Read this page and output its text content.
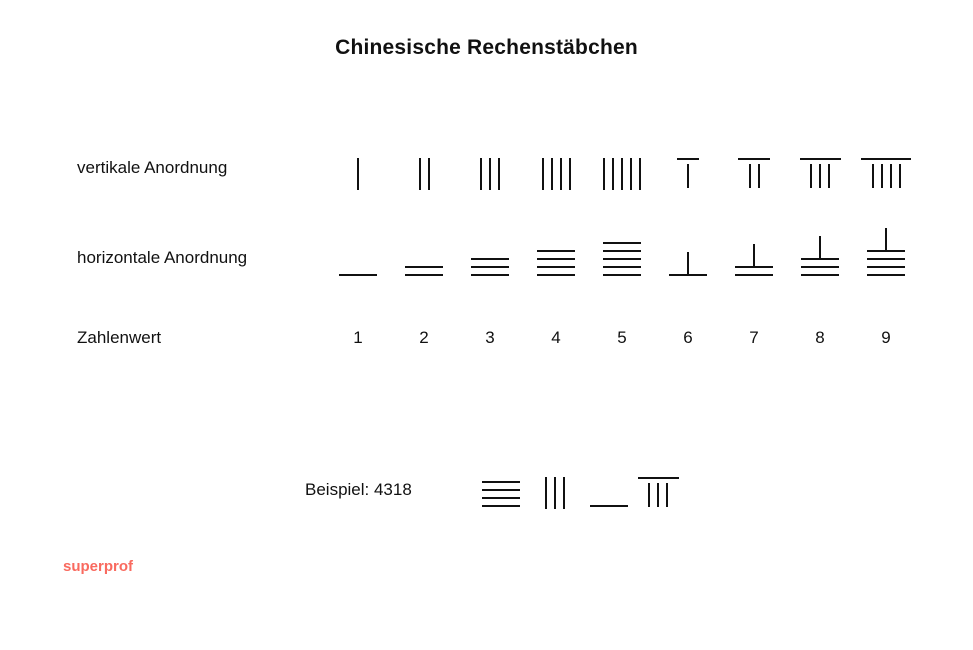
Chinesische Rechenstäbchen
vertikale Anordnung
horizontale Anordnung
Zahlenwert	1	2	3	4	5	6	7	8	9
Beispiel: 4318
superprof
